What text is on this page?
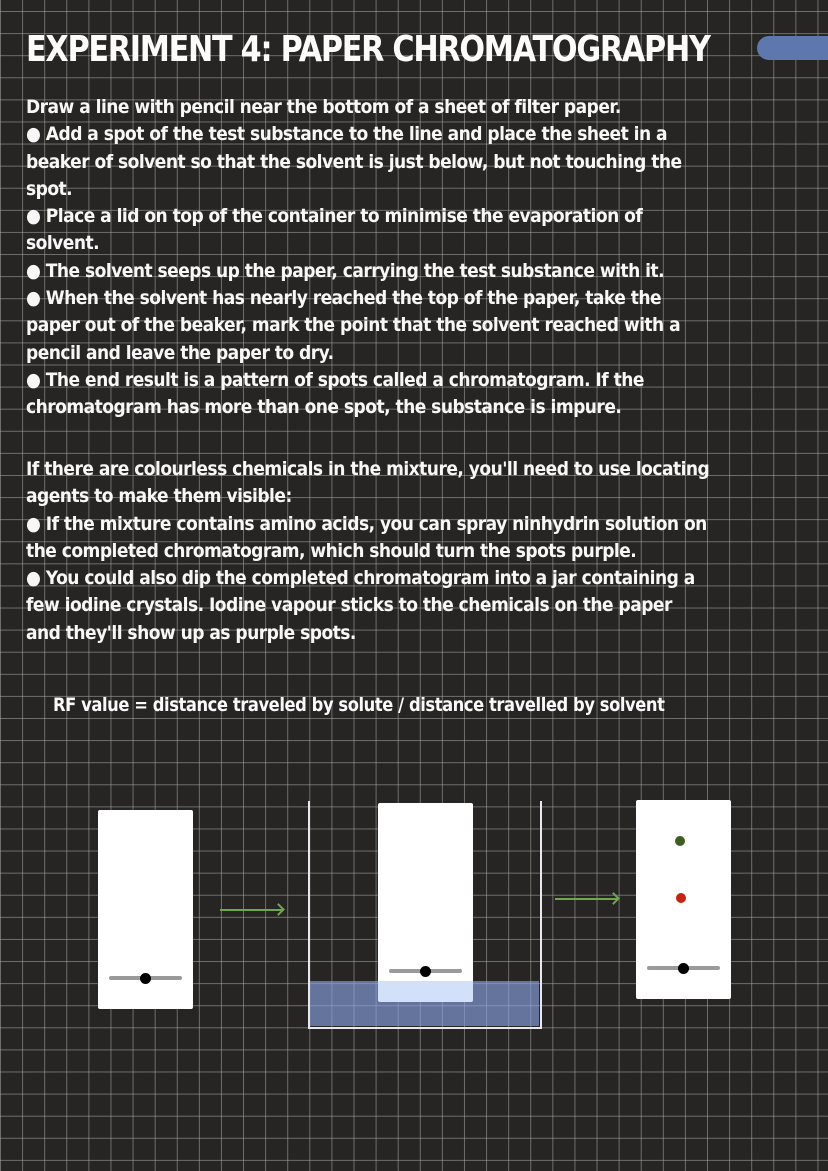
EXPERIMENT 4: PAPER CHROMATOGRAPHY
Draw a line with pencil near the bottom of a sheet of filter paper.
● Add a spot of the test substance to the line and place the sheet in a
beaker of solvent so that the solvent is just below, but not touching the
spot.
● Place a lid on top of the container to minimise the evaporation of
solvent.
● The solvent seeps up the paper, carrying the test substance with it.
● When the solvent has nearly reached the top of the paper, take the
paper out of the beaker, mark the point that the solvent reached with a
pencil and leave the paper to dry.
● The end result is a pattern of spots called a chromatogram. If the
chromatogram has more than one spot, the substance is impure.
If there are colourless chemicals in the mixture, you'll need to use locating
agents to make them visible:
● If the mixture contains amino acids, you can spray ninhydrin solution on
the completed chromatogram, which should turn the spots purple.
● You could also dip the completed chromatogram into a jar containing a
few iodine crystals. Iodine vapour sticks to the chemicals on the paper
and they'll show up as purple spots.
RF value = distance traveled by solute / distance travelled by solvent
